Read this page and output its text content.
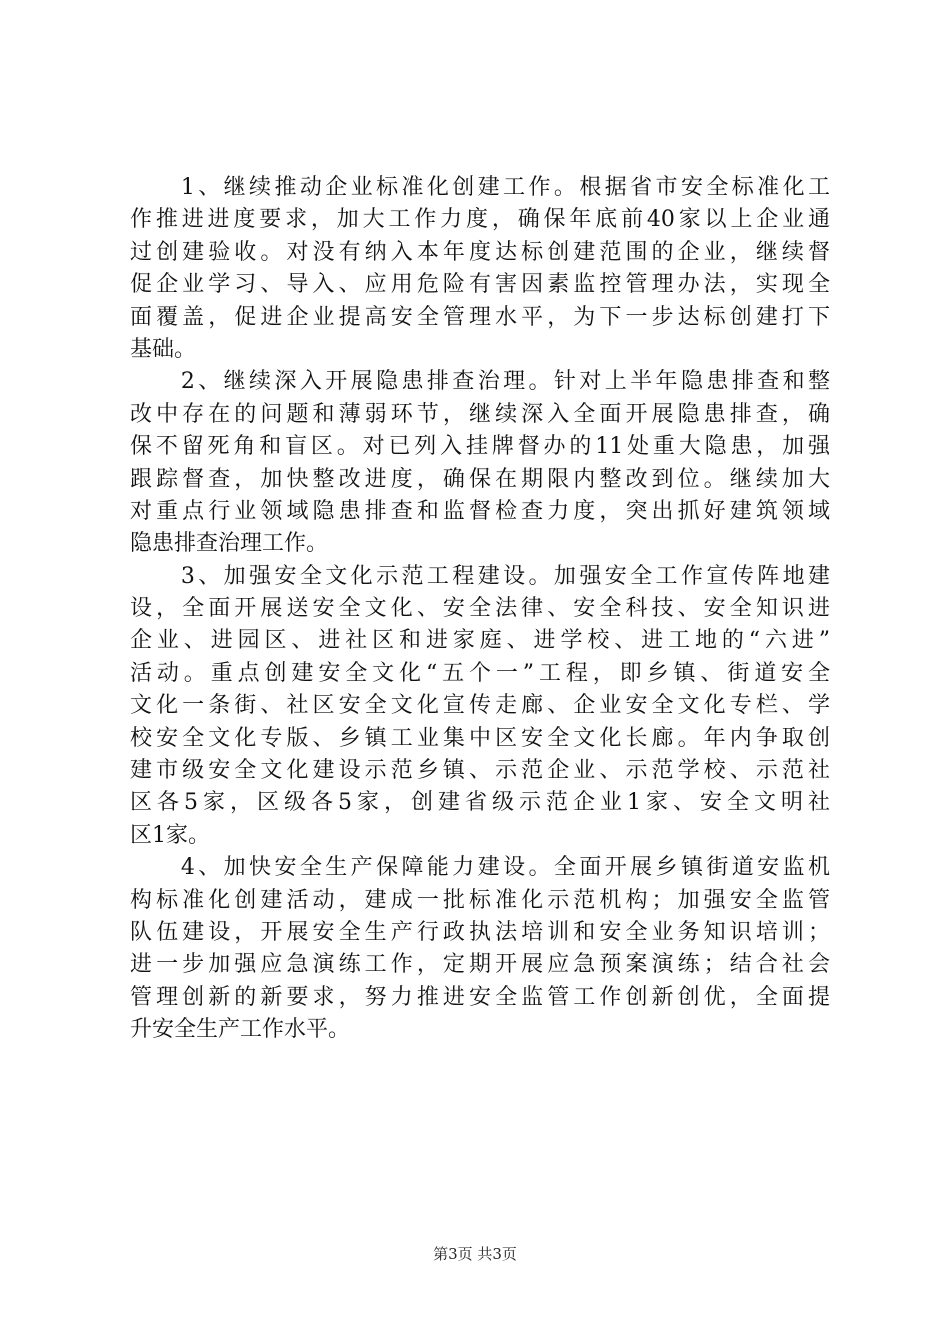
　　1、继续推动企业标准化创建工作。根据省市安全标准化工
作推进进度要求，加大工作力度，确保年底前40家以上企业通
过创建验收。对没有纳入本年度达标创建范围的企业，继续督
促企业学习、导入、应用危险有害因素监控管理办法，实现全
面覆盖，促进企业提高安全管理水平，为下一步达标创建打下
基础。
　　2、继续深入开展隐患排查治理。针对上半年隐患排查和整
改中存在的问题和薄弱环节，继续深入全面开展隐患排查，确
保不留死角和盲区。对已列入挂牌督办的11处重大隐患，加强
跟踪督查，加快整改进度，确保在期限内整改到位。继续加大
对重点行业领域隐患排查和监督检查力度，突出抓好建筑领域
隐患排查治理工作。
　　3、加强安全文化示范工程建设。加强安全工作宣传阵地建
设，全面开展送安全文化、安全法律、安全科技、安全知识进
企业、进园区、进社区和进家庭、进学校、进工地的“六进”
活动。重点创建安全文化“五个一”工程，即乡镇、街道安全
文化一条街、社区安全文化宣传走廊、企业安全文化专栏、学
校安全文化专版、乡镇工业集中区安全文化长廊。年内争取创
建市级安全文化建设示范乡镇、示范企业、示范学校、示范社
区各5家，区级各5家，创建省级示范企业1家、安全文明社
区1家。
　　4、加快安全生产保障能力建设。全面开展乡镇街道安监机
构标准化创建活动，建成一批标准化示范机构；加强安全监管
队伍建设，开展安全生产行政执法培训和安全业务知识培训；
进一步加强应急演练工作，定期开展应急预案演练；结合社会
管理创新的新要求，努力推进安全监管工作创新创优，全面提
升安全生产工作水平。
第3页 共3页
